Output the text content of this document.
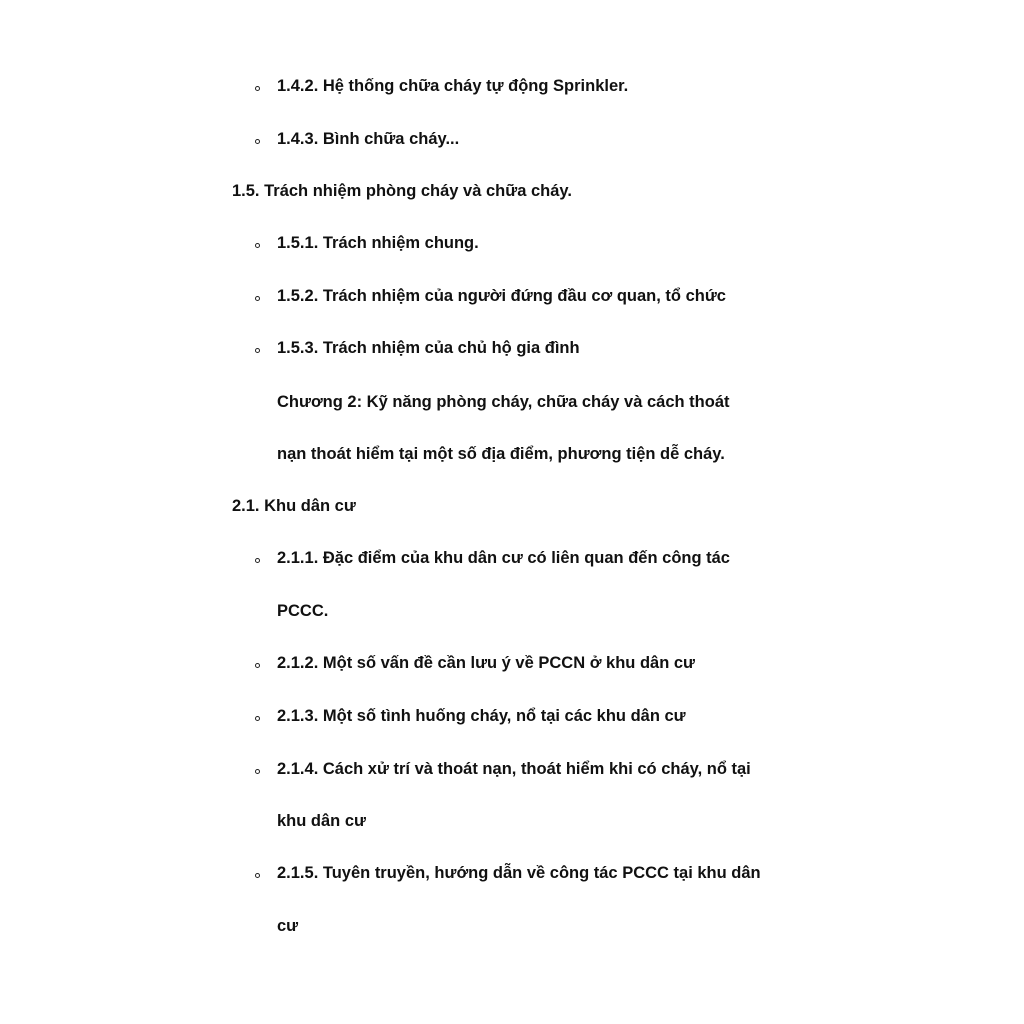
1.4.2. Hệ thống chữa cháy tự động Sprinkler.
1.4.3. Bình chữa cháy...
1.5. Trách nhiệm phòng cháy và chữa cháy.
1.5.1. Trách nhiệm chung.
1.5.2. Trách nhiệm của người đứng đầu cơ quan, tổ chức
1.5.3. Trách nhiệm của chủ hộ gia đình
Chương 2: Kỹ năng phòng cháy, chữa cháy và cách thoát
nạn thoát hiểm tại một số địa điểm, phương tiện dễ cháy.
2.1. Khu dân cư
2.1.1. Đặc điểm của khu dân cư có liên quan đến công tác
PCCC.
2.1.2. Một số vấn đề cần lưu ý về PCCN ở khu dân cư
2.1.3. Một số tình huống cháy, nổ tại các khu dân cư
2.1.4. Cách xử trí và thoát nạn, thoát hiểm khi có cháy, nổ tại
khu dân cư
2.1.5. Tuyên truyền, hướng dẫn về công tác PCCC tại khu dân
cư
